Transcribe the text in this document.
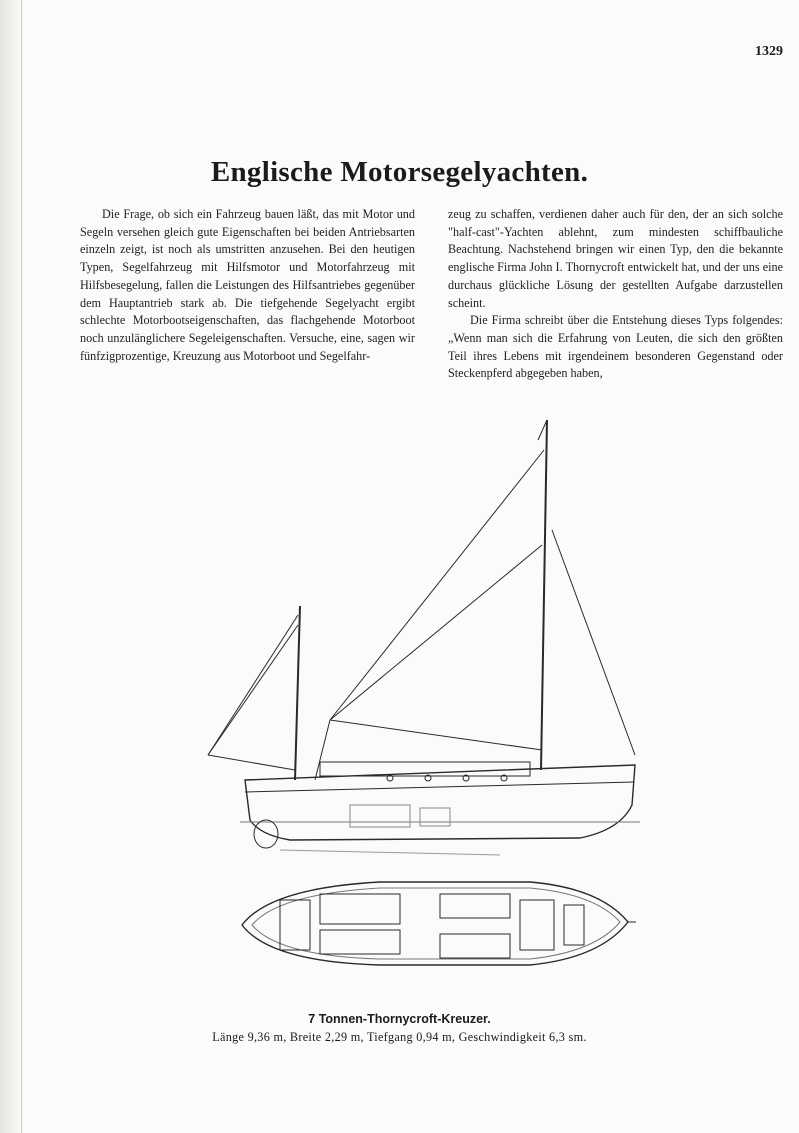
1329
Englische Motorsegelyachten.

Die Frage, ob sich ein Fahrzeug bauen läßt, das mit Motor und Segeln versehen gleich gute Eigenschaften bei beiden Antriebsarten einzeln zeigt, ist noch als umstritten anzusehen. Bei den heutigen Typen, Segelfahrzeug mit Hilfsmotor und Motorfahrzeug mit Hilfsbesegelung, fallen die Leistungen des Hilfsantriebes gegenüber dem Hauptantrieb stark ab. Die tiefgehende Segelyacht ergibt schlechte Motorbootseigenschaften, das flachgehende Motorboot noch unzulänglichere Segeleigenschaften. Versuche, eine, sagen wir fünfzigprozentige, Kreuzung aus Motorboot und Segelfahr-

zeug zu schaffen, verdienen daher auch für den, der an sich solche "half-cast"-Yachten ablehnt, zum mindesten schiffbauliche Beachtung. Nachstehend bringen wir einen Typ, den die bekannte englische Firma John I. Thornycroft entwickelt hat, und der uns eine durchaus glückliche Lösung der gestellten Aufgabe darzustellen scheint.

Die Firma schreibt über die Entstehung dieses Typs folgendes: „Wenn man sich die Erfahrung von Leuten, die sich den größten Teil ihres Lebens mit irgendeinem besonderen Gegenstand oder Steckenpferd abgegeben haben,

7 Tonnen-Thornycroft-Kreuzer.
Länge 9,36 m, Breite 2,29 m, Tiefgang 0,94 m, Geschwindigkeit 6,3 sm.
